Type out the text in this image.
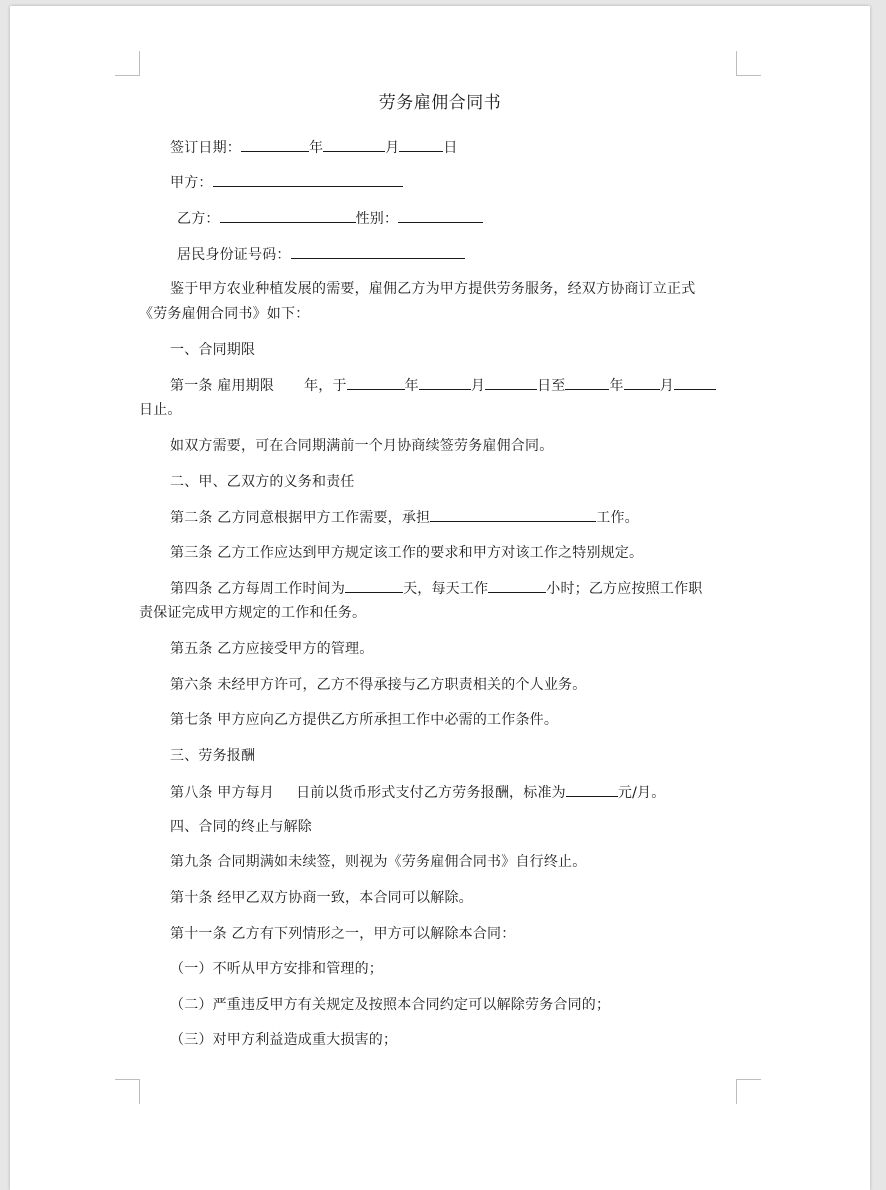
劳务雇佣合同书
签订日期：	年	月	日
甲方：
乙方：	性别：
居民身份证号码：
鉴于甲方农业种植发展的需要，雇佣乙方为甲方提供劳务服务，经双方协商订立正式
《劳务雇佣合同书》如下：
一、合同期限
第一条 雇用期限 年，于	年	月	日至	年	月
日止。
如双方需要，可在合同期满前一个月协商续签劳务雇佣合同。
二、甲、乙双方的义务和责任
第二条 乙方同意根据甲方工作需要，承担	工作。
第三条 乙方工作应达到甲方规定该工作的要求和甲方对该工作之特别规定。
第四条 乙方每周工作时间为	天，每天工作	小时；乙方应按照工作职
责保证完成甲方规定的工作和任务。
第五条 乙方应接受甲方的管理。
第六条 未经甲方许可，乙方不得承接与乙方职责相关的个人业务。
第七条 甲方应向乙方提供乙方所承担工作中必需的工作条件。
三、劳务报酬
第八条 甲方每月 日前以货币形式支付乙方劳务报酬，标准为	元/月。
四、合同的终止与解除
第九条 合同期满如未续签，则视为《劳务雇佣合同书》自行终止。
第十条 经甲乙双方协商一致，本合同可以解除。
第十一条 乙方有下列情形之一，甲方可以解除本合同：
（一）不听从甲方安排和管理的；
（二）严重违反甲方有关规定及按照本合同约定可以解除劳务合同的；
（三）对甲方利益造成重大损害的；
